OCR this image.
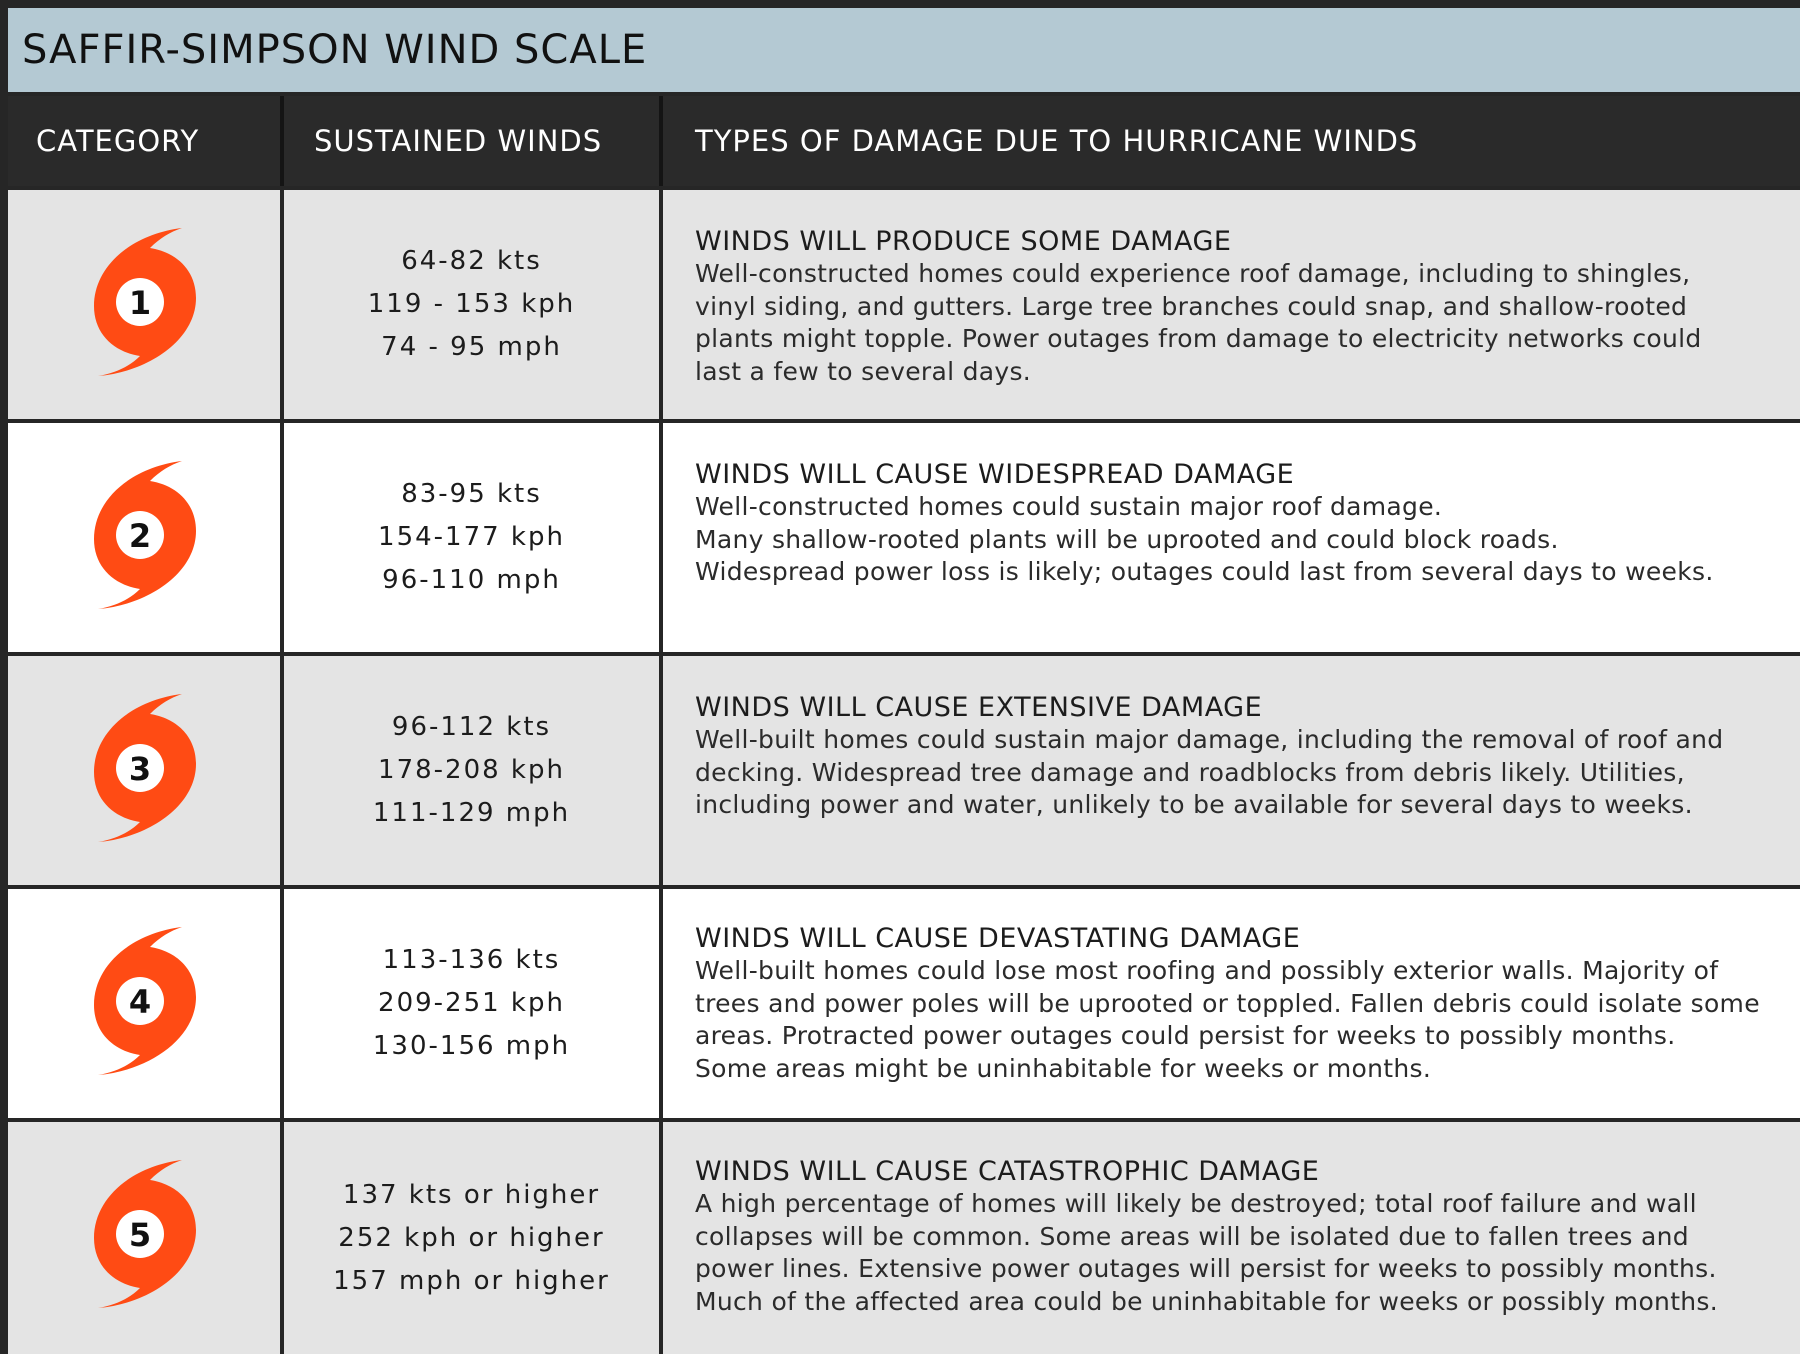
SAFFIR-SIMPSON WIND SCALE
CATEGORY	SUSTAINED WINDS	TYPES OF DAMAGE DUE TO HURRICANE WINDS
1
64-82 kts
119 - 153 kph
74 - 95 mph

WINDS WILL PRODUCE SOME DAMAGE

Well-constructed homes could experience roof damage, including to shingles,
vinyl siding, and gutters. Large tree branches could snap, and shallow-rooted
plants might topple. Power outages from damage to electricity networks could
last a few to several days.

2
83-95 kts
154-177 kph
96-110 mph

WINDS WILL CAUSE WIDESPREAD DAMAGE

Well-constructed homes could sustain major roof damage.
Many shallow-rooted plants will be uprooted and could block roads.
Widespread power loss is likely; outages could last from several days to weeks.

3
96-112 kts
178-208 kph
111-129 mph

WINDS WILL CAUSE EXTENSIVE DAMAGE

Well-built homes could sustain major damage, including the removal of roof and
decking. Widespread tree damage and roadblocks from debris likely. Utilities,
including power and water, unlikely to be available for several days to weeks.

4
113-136 kts
209-251 kph
130-156 mph

WINDS WILL CAUSE DEVASTATING DAMAGE

Well-built homes could lose most roofing and possibly exterior walls. Majority of
trees and power poles will be uprooted or toppled. Fallen debris could isolate some
areas. Protracted power outages could persist for weeks to possibly months.
Some areas might be uninhabitable for weeks or months.

5
137 kts or higher
252 kph or higher
157 mph or higher

WINDS WILL CAUSE CATASTROPHIC DAMAGE

A high percentage of homes will likely be destroyed; total roof failure and wall
collapses will be common. Some areas will be isolated due to fallen trees and
power lines. Extensive power outages will persist for weeks to possibly months.
Much of the affected area could be uninhabitable for weeks or possibly months.
